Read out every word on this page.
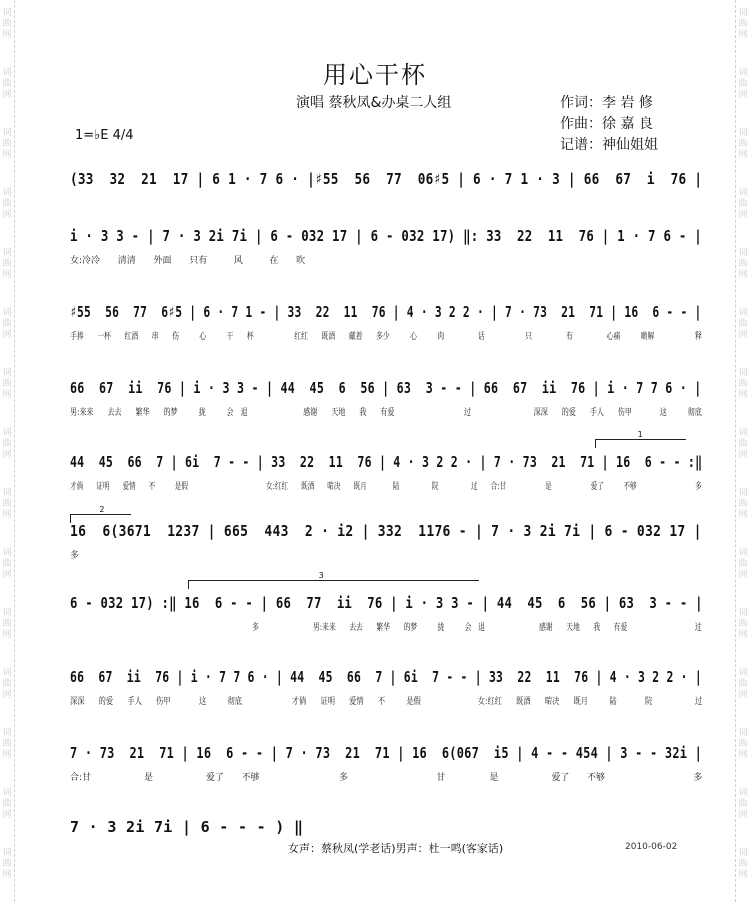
词曲网
词曲网
词曲网
词曲网
词曲网
词曲网
词曲网
词曲网
词曲网
词曲网
词曲网
词曲网
词曲网
词曲网
词曲网
词曲网
词曲网
词曲网
词曲网
词曲网
词曲网
词曲网
词曲网
词曲网
词曲网
词曲网
词曲网
词曲网
词曲网
词曲网
用心干杯
演唱 蔡秋凤&办桌二人组	作词：李 岩 修
作曲：徐 嘉 良
记谱：神仙姐姐
1=♭E 4/4
(33  32  21  17 | 6 1 · 7 6 · |♯55  56  77  06♯5 | 6 · 7 1 · 3 | 66  67  i  76 |
i · 3 3 - | 7 · 3 2i 7i | 6 - 032 17 | 6 - 032 17) ‖: 33  22  11  76 | 1 · 7 6 - |
女:冷冷  清清  外面  只有   风   在  吹
♯55  56  77  6♯5 | 6 · 7 1 - | 33  22  11  76 | 4 · 3 2 2 · | 7 · 73  21  71 | 16  6 - - |
手捧  一杯  红酒  串  伤   心   干  杯      红红  既酒  藏着  多少   心   肉     话      只     有     心痛   啲解      释
66  67  ii  76 | i · 3 3 - | 44  45  6  56 | 63  3 - - | 66  67  ii  76 | i · 7 7 6 · |
男:来来  去去  繁华  的梦   拢   会 退        感谢  天地  我  有爱          过         深深  的爱  手人  伤甲    这   彻底
1
44  45  66  7 | 6i  7 - - | 33  22  11  76 | 4 · 3 2 2 · | 7 · 73  21  71 | 16  6 - - :‖
才倘  证明  爱情  不   是假            女:红红  既酒  啱决  既月    陆     院     过  合:甘      是      爱了   不够         多
2
16  6(3671  1237 | 665  443  2 · i2 | 332  1176 - | 7 · 3 2i 7i | 6 - 032 17 |
多
3
6 - 032 17) :‖ 16  6 - - | 66  77  ii  76 | i · 3 3 - | 44  45  6  56 | 63  3 - - |
多        男:来来  去去  繁华  的梦   拢   会 退        感谢  天地  我  有爱          过
66  67  ii  76 | i · 7 7 6 · | 44  45  66  7 | 6i  7 - - | 33  22  11  76 | 4 · 3 2 2 · |
深深  的爱  手人  伤甲    这   彻底       才倘  证明  爱情  不   是假        女:红红  既酒  啱决  既月   陆    院      过
7 · 73  21  71 | 16  6 - - | 7 · 73  21  71 | 16  6(067  i5 | 4 - - 454 | 3 - - 32i |
合:甘      是      爱了  不够         多          甘     是      爱了  不够          多
7 · 3 2i 7i | 6 - - - ) ‖
女声：蔡秋凤(学老话)男声：杜一鸣(客家话)	2010-06-02
